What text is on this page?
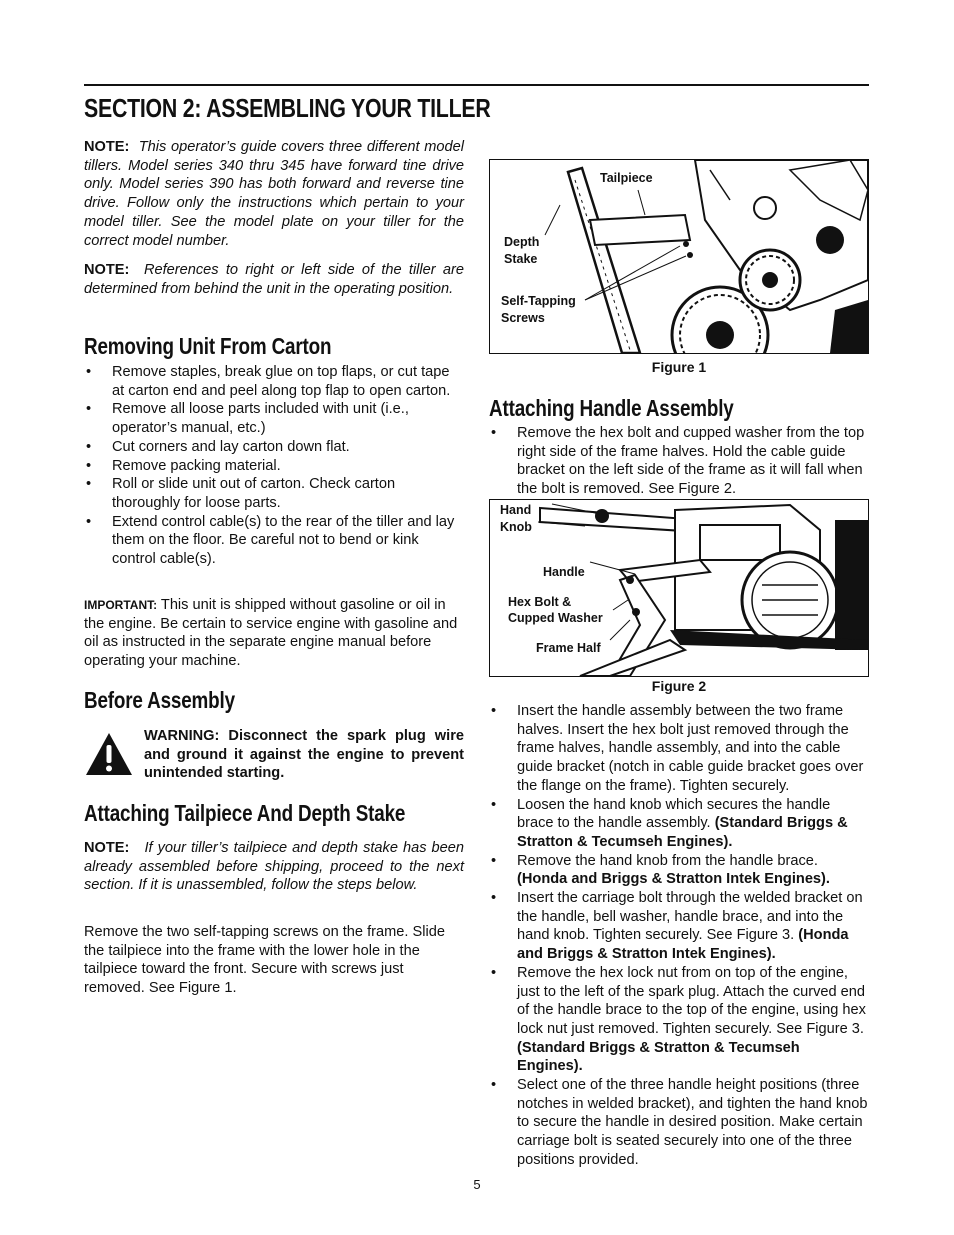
SECTION 2: ASSEMBLING YOUR TILLER

NOTE: This operator’s guide covers three different model tillers. Model series 340 thru 345 have forward tine drive only. Model series 390 has both forward and reverse tine drive. Follow only the instructions which pertain to your model tiller. See the model plate on your tiller for the correct model number.

NOTE: References to right or left side of the tiller are determined from behind the unit in the operating position.

Removing Unit From Carton
• Remove staples, break glue on top flaps, or cut tape at carton end and peel along top flap to open carton.
• Remove all loose parts included with unit (i.e., operator’s manual, etc.)
• Cut corners and lay carton down flat.
• Remove packing material.
• Roll or slide unit out of carton. Check carton thoroughly for loose parts.
• Extend control cable(s) to the rear of the tiller and lay them on the floor. Be careful not to bend or kink control cable(s).

IMPORTANT: This unit is shipped without gasoline or oil in the engine. Be certain to service engine with gasoline and oil as instructed in the separate engine manual before operating your machine.

Before Assembly

WARNING: Disconnect the spark plug wire and ground it against the engine to prevent unintended starting.

Attaching Tailpiece And Depth Stake

NOTE: If your tiller’s tailpiece and depth stake has been already assembled before shipping, proceed to the next section. If it is unassembled, follow the steps below.

Remove the two self-tapping screws on the frame. Slide the tailpiece into the frame with the lower hole in the tailpiece toward the front. Secure with screws just removed. See Figure 1.

Tailpiece
Depth
Stake
Self-Tapping
Screws
Figure 1
Attaching Handle Assembly
• Remove the hex bolt and cupped washer from the top right side of the frame halves. Hold the cable guide bracket on the left side of the frame as it will fall when the bolt is removed. See Figure 2.
Hand
Knob
Handle
Hex Bolt &
Cupped Washer
Frame Half
Figure 2
• Insert the handle assembly between the two frame halves. Insert the hex bolt just removed through the frame halves, handle assembly, and into the cable guide bracket (notch in cable guide bracket goes over the flange on the frame). Tighten securely.
• Loosen the hand knob which secures the handle brace to the handle assembly. (Standard Briggs & Stratton & Tecumseh Engines).
• Remove the hand knob from the handle brace. (Honda and Briggs & Stratton Intek Engines).
• Insert the carriage bolt through the welded bracket on the handle, bell washer, handle brace, and into the hand knob. Tighten securely. See Figure 3. (Honda and Briggs & Stratton Intek Engines).
• Remove the hex lock nut from on top of the engine, just to the left of the spark plug. Attach the curved end of the handle brace to the top of the engine, using hex lock nut just removed. Tighten securely. See Figure 3. (Standard Briggs & Stratton & Tecumseh Engines).
• Select one of the three handle height positions (three notches in welded bracket), and tighten the hand knob to secure the handle in desired position. Make certain carriage bolt is seated securely into one of the three positions provided.
5
